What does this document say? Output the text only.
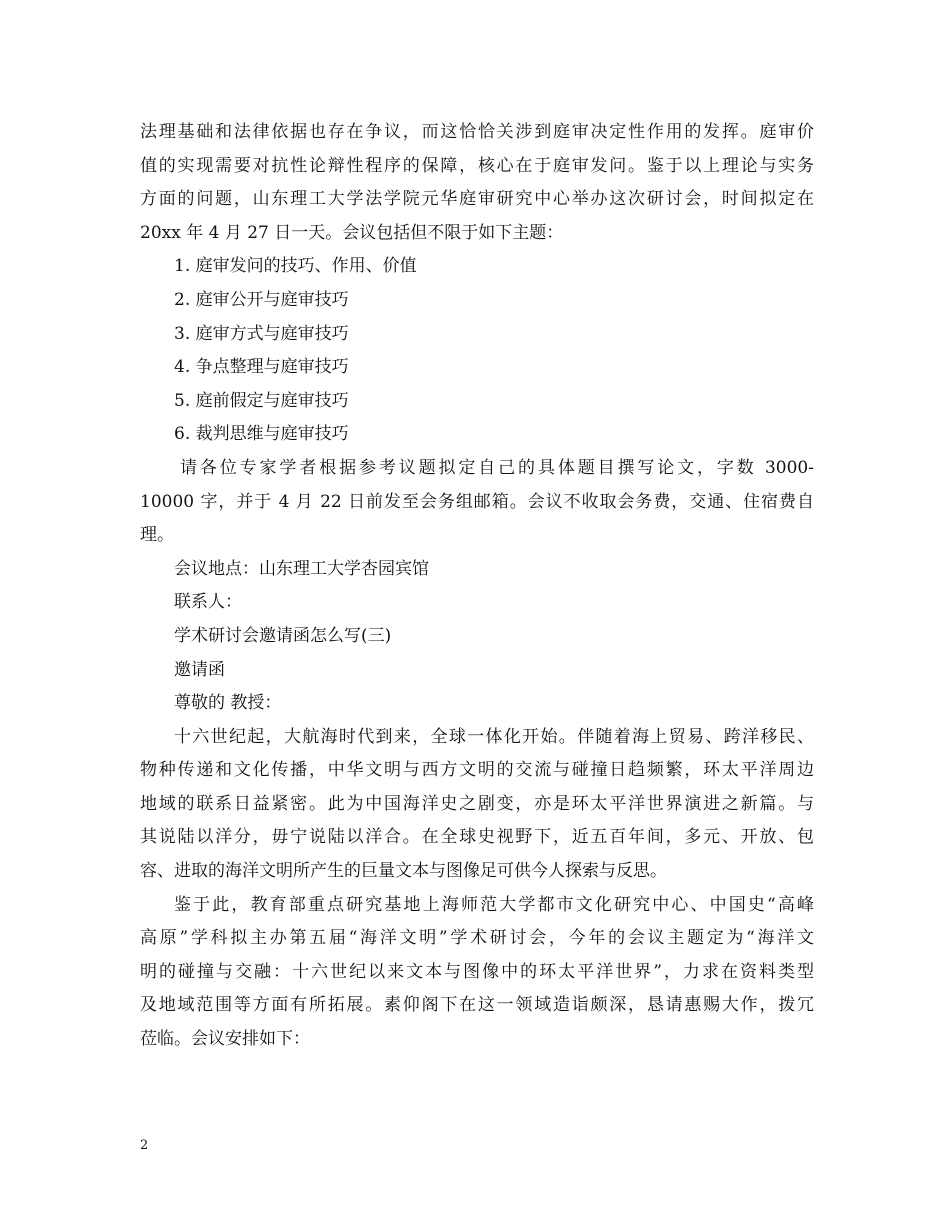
法理基础和法律依据也存在争议，而这恰恰关涉到庭审决定性作用的发挥。庭审价
值的实现需要对抗性论辩性程序的保障，核心在于庭审发问。鉴于以上理论与实务
方面的问题，山东理工大学法学院元华庭审研究中心举办这次研讨会，时间拟定在
20xx 年 4 月 27 日一天。会议包括但不限于如下主题：
1. 庭审发问的技巧、作用、价值
2. 庭审公开与庭审技巧
3. 庭审方式与庭审技巧
4. 争点整理与庭审技巧
5. 庭前假定与庭审技巧
6. 裁判思维与庭审技巧
请各位专家学者根据参考议题拟定自己的具体题目撰写论文，字数 3000-
10000 字，并于 4 月 22 日前发至会务组邮箱。会议不收取会务费，交通、住宿费自
理。
会议地点：山东理工大学杏园宾馆
联系人：
学术研讨会邀请函怎么写(三)
邀请函
尊敬的 教授：
十六世纪起，大航海时代到来，全球一体化开始。伴随着海上贸易、跨洋移民、
物种传递和文化传播，中华文明与西方文明的交流与碰撞日趋频繁，环太平洋周边
地域的联系日益紧密。此为中国海洋史之剧变，亦是环太平洋世界演进之新篇。与
其说陆以洋分，毋宁说陆以洋合。在全球史视野下，近五百年间，多元、开放、包
容、进取的海洋文明所产生的巨量文本与图像足可供今人探索与反思。
鉴于此，教育部重点研究基地上海师范大学都市文化研究中心、中国史“高峰
高原”学科拟主办第五届“海洋文明”学术研讨会，今年的会议主题定为“海洋文
明的碰撞与交融：十六世纪以来文本与图像中的环太平洋世界”，力求在资料类型
及地域范围等方面有所拓展。素仰阁下在这一领域造诣颇深，恳请惠赐大作，拨冗
莅临。会议安排如下：
2
